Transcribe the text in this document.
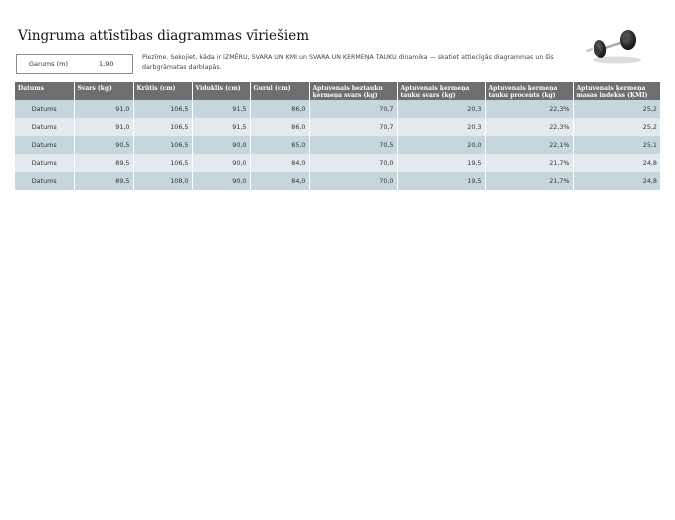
Vingruma attīstības diagrammas vīriešiem
Garums (m)	1,90
Piezīme. Sekojiet, kāda ir IZMĒRU, SVARA UN ĶMI un SVARA UN ĶERMEŅA TAUKU dinamika — skatiet attiecīgās diagrammas un šīs darbgrāmatas darblapās.
Datums	Svars (kg)	Krūtis (cm)	Viduklis (cm)	Gurni (cm)	Aptuvenais beztauku ķermeņa svars (kg)	Aptuvenais ķermeņa tauku svars (kg)	Aptuvenais ķermeņa tauku procents (kg)	Aptuvenais ķermeņa masas indekss (ĶMI)
Datums	91,0	106,5	91,5	86,0	70,7	20,3	22,3%	25,2
Datums	91,0	106,5	91,5	86,0	70,7	20,3	22,3%	25,2
Datums	90,5	106,5	90,0	85,0	70,5	20,0	22,1%	25,1
Datums	89,5	106,5	90,0	84,0	70,0	19,5	21,7%	24,8
Datums	89,5	108,0	90,0	84,0	70,0	19,5	21,7%	24,8
